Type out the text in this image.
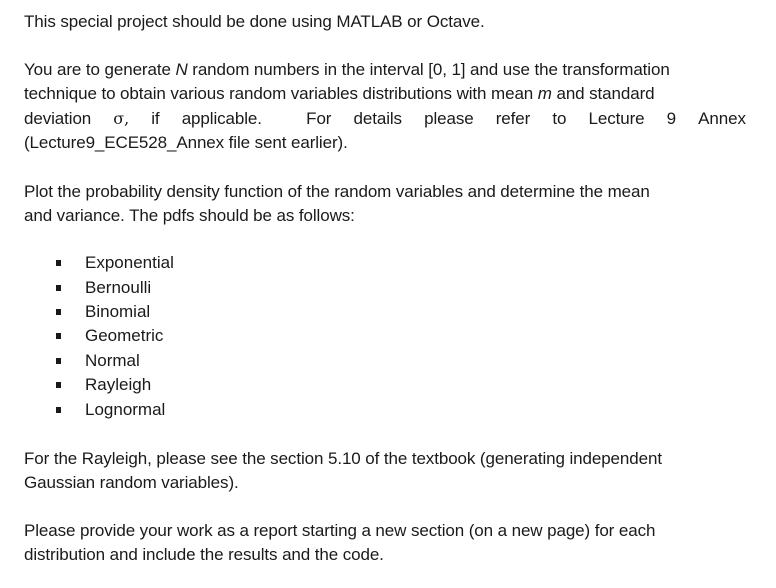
This special project should be done using MATLAB or Octave.

You are to generate N random numbers in the interval [0, 1] and use the transformation

technique to obtain various random variables distributions with mean m and standard

deviation σ, if applicable.	For details please refer to Lecture 9 Annex

(Lecture9_ECE528_Annex file sent earlier).

Plot the probability density function of the random variables and determine the mean

and variance. The pdfs should be as follows:

Exponential
Bernoulli
Binomial
Geometric
Normal
Rayleigh
Lognormal

For the Rayleigh, please see the section 5.10 of the textbook (generating independent

Gaussian random variables).

Please provide your work as a report starting a new section (on a new page) for each

distribution and include the results and the code.
